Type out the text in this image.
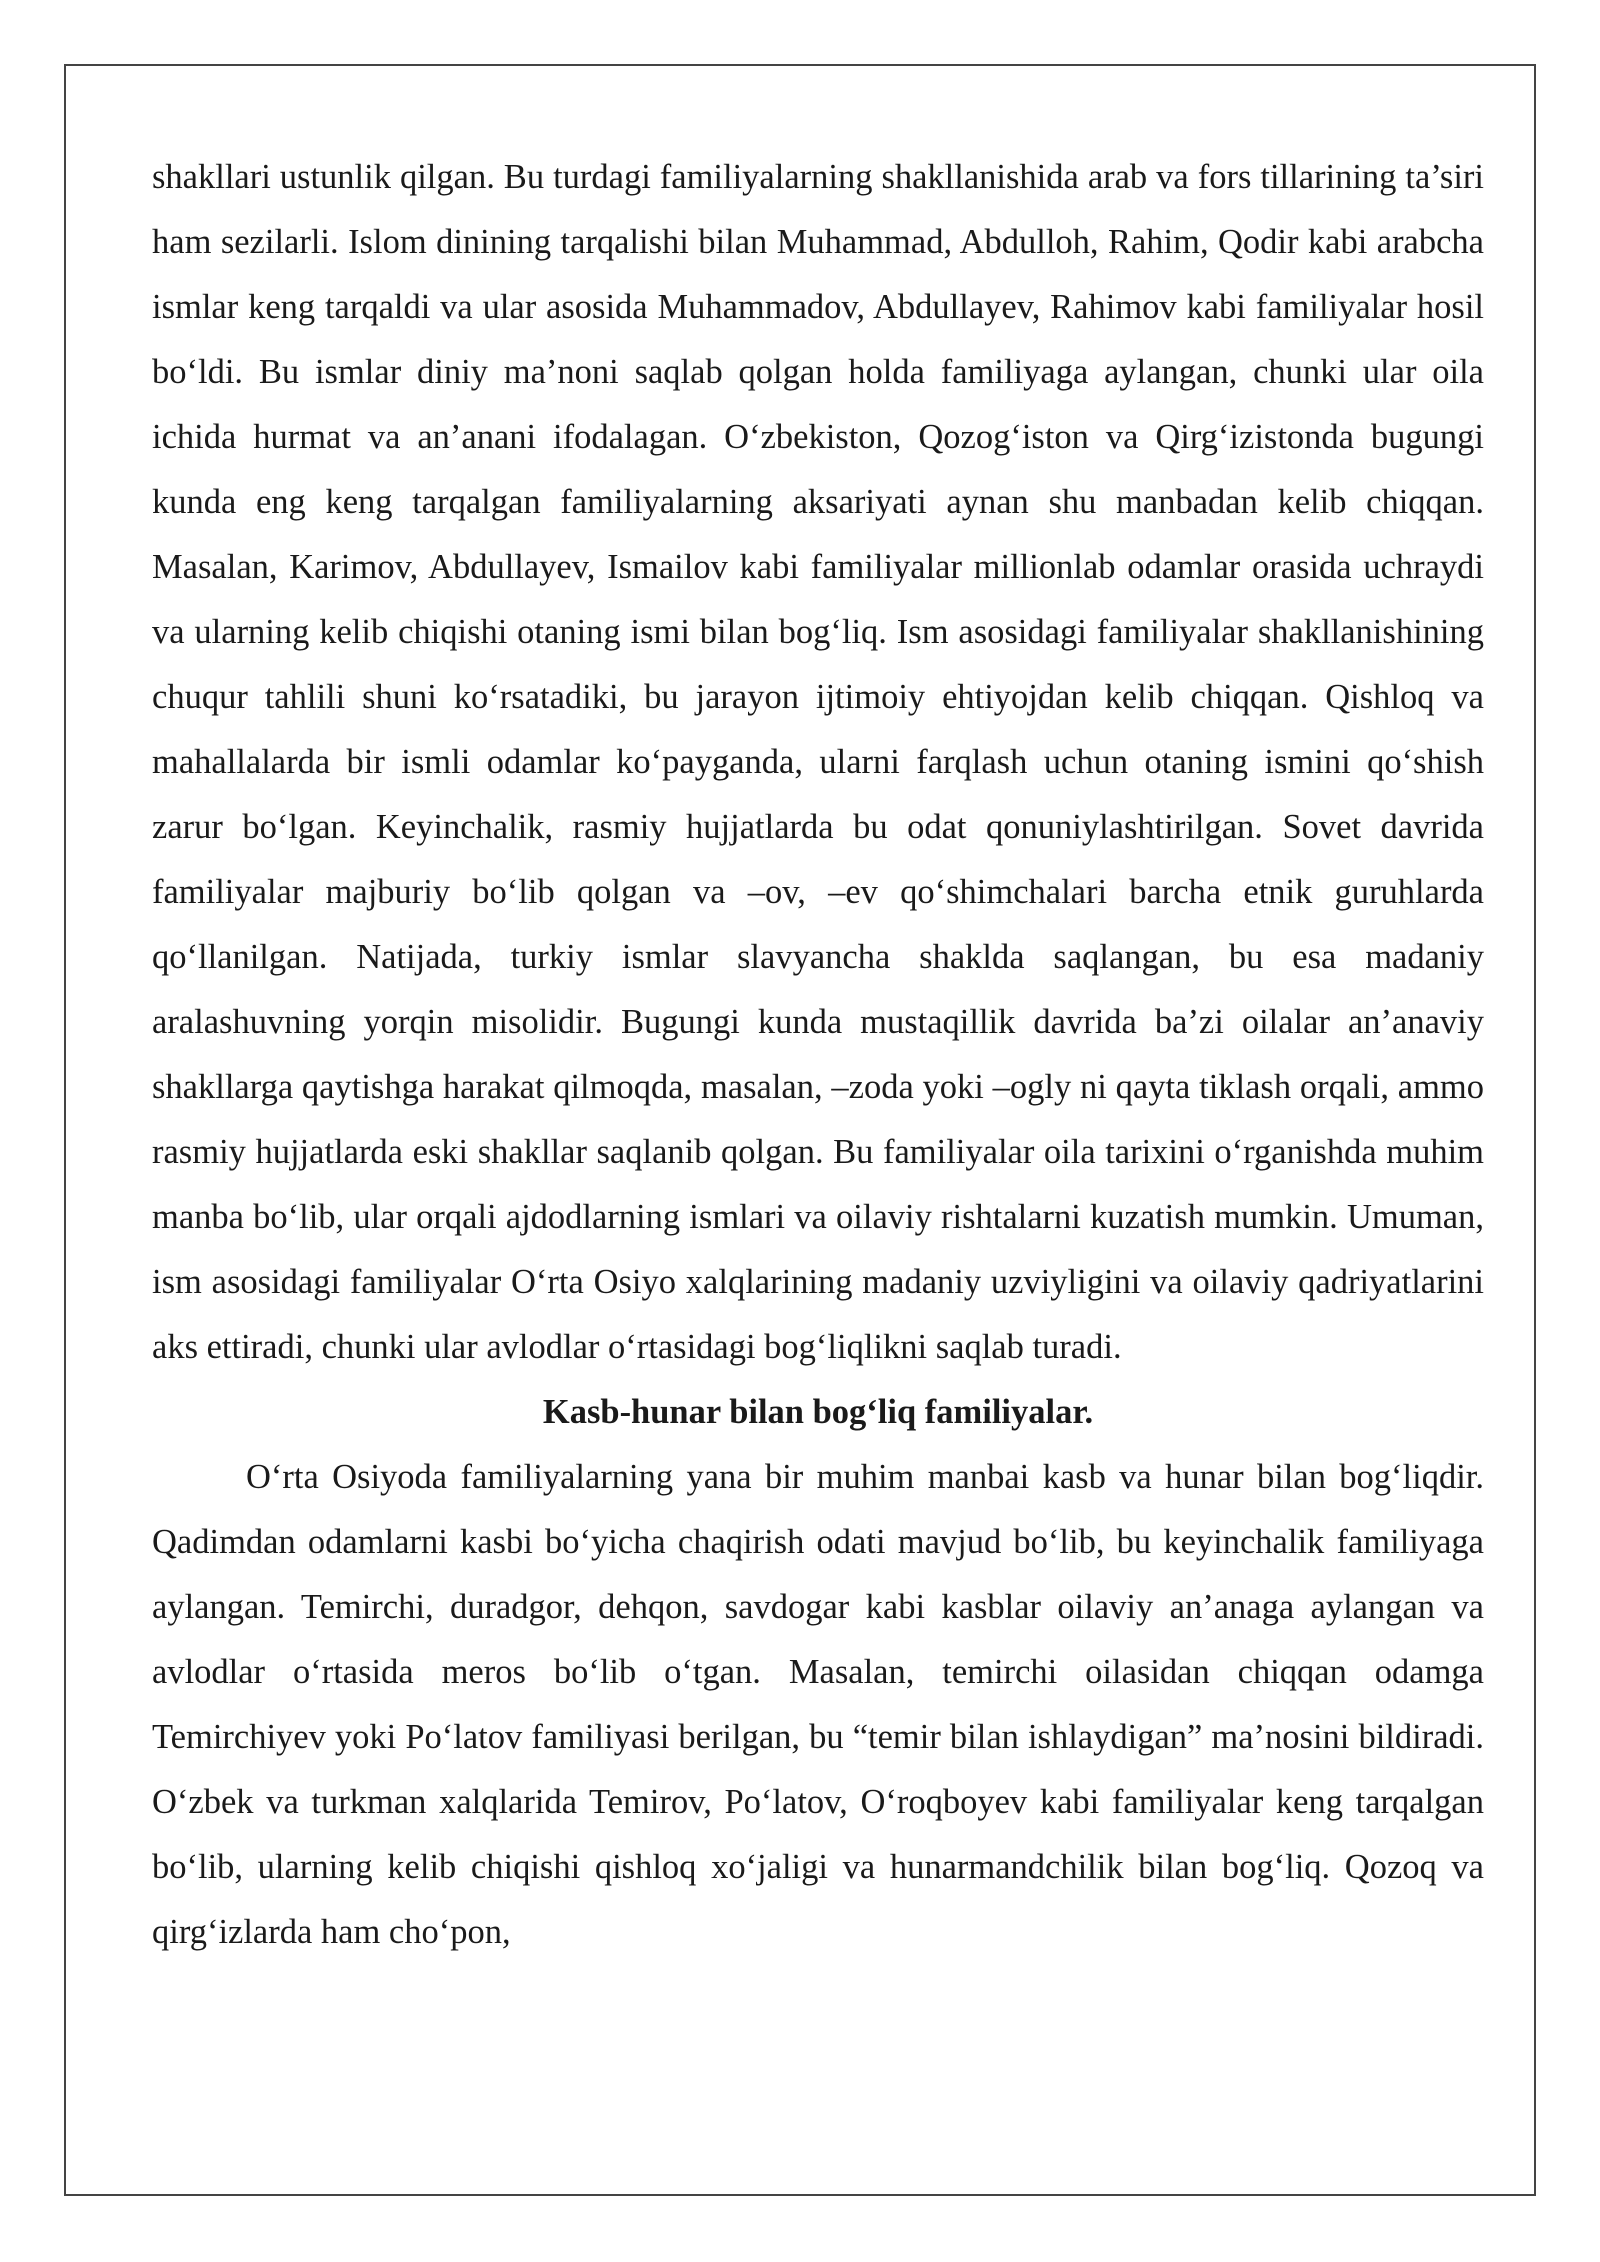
shakllari ustunlik qilgan. Bu turdagi familiyalarning shakllanishida arab va fors tillarining ta’siri ham sezilarli. Islom dinining tarqalishi bilan Muhammad, Abdulloh, Rahim, Qodir kabi arabcha ismlar keng tarqaldi va ular asosida Muhammadov, Abdullayev, Rahimov kabi familiyalar hosil bo‘ldi. Bu ismlar diniy ma’noni saqlab qolgan holda familiyaga aylangan, chunki ular oila ichida hurmat va an’anani ifodalagan. O‘zbekiston, Qozog‘iston va Qirg‘izistonda bugungi kunda eng keng tarqalgan familiyalarning aksariyati aynan shu manbadan kelib chiqqan. Masalan, Karimov, Abdullayev, Ismailov kabi familiyalar millionlab odamlar orasida uchraydi va ularning kelib chiqishi otaning ismi bilan bog‘liq. Ism asosidagi familiyalar shakllanishining chuqur tahlili shuni ko‘rsatadiki, bu jarayon ijtimoiy ehtiyojdan kelib chiqqan. Qishloq va mahallalarda bir ismli odamlar ko‘payganda, ularni farqlash uchun otaning ismini qo‘shish zarur bo‘lgan. Keyinchalik, rasmiy hujjatlarda bu odat qonuniylashtirilgan. Sovet davrida familiyalar majburiy bo‘lib qolgan va –ov, –ev qo‘shimchalari barcha etnik guruhlarda qo‘llanilgan. Natijada, turkiy ismlar slavyancha shaklda saqlangan, bu esa madaniy aralashuvning yorqin misolidir. Bugungi kunda mustaqillik davrida ba’zi oilalar an’anaviy shakllarga qaytishga harakat qilmoqda, masalan, –zoda yoki –ogly ni qayta tiklash orqali, ammo rasmiy hujjatlarda eski shakllar saqlanib qolgan. Bu familiyalar oila tarixini o‘rganishda muhim manba bo‘lib, ular orqali ajdodlarning ismlari va oilaviy rishtalarni kuzatish mumkin. Umuman, ism asosidagi familiyalar O‘rta Osiyo xalqlarining madaniy uzviyligini va oilaviy qadriyatlarini aks ettiradi, chunki ular avlodlar o‘rtasidagi bog‘liqlikni saqlab turadi.

Kasb-hunar bilan bog‘liq familiyalar.

O‘rta Osiyoda familiyalarning yana bir muhim manbai kasb va hunar bilan bog‘liqdir. Qadimdan odamlarni kasbi bo‘yicha chaqirish odati mavjud bo‘lib, bu keyinchalik familiyaga aylangan. Temirchi, duradgor, dehqon, savdogar kabi kasblar oilaviy an’anaga aylangan va avlodlar o‘rtasida meros bo‘lib o‘tgan. Masalan, temirchi oilasidan chiqqan odamga Temirchiyev yoki Po‘latov familiyasi berilgan, bu “temir bilan ishlaydigan” ma’nosini bildiradi. O‘zbek va turkman xalqlarida Temirov, Po‘latov, O‘roqboyev kabi familiyalar keng tarqalgan bo‘lib, ularning kelib chiqishi qishloq xo‘jaligi va hunarmandchilik bilan bog‘liq. Qozoq va qirg‘izlarda ham cho‘pon,
